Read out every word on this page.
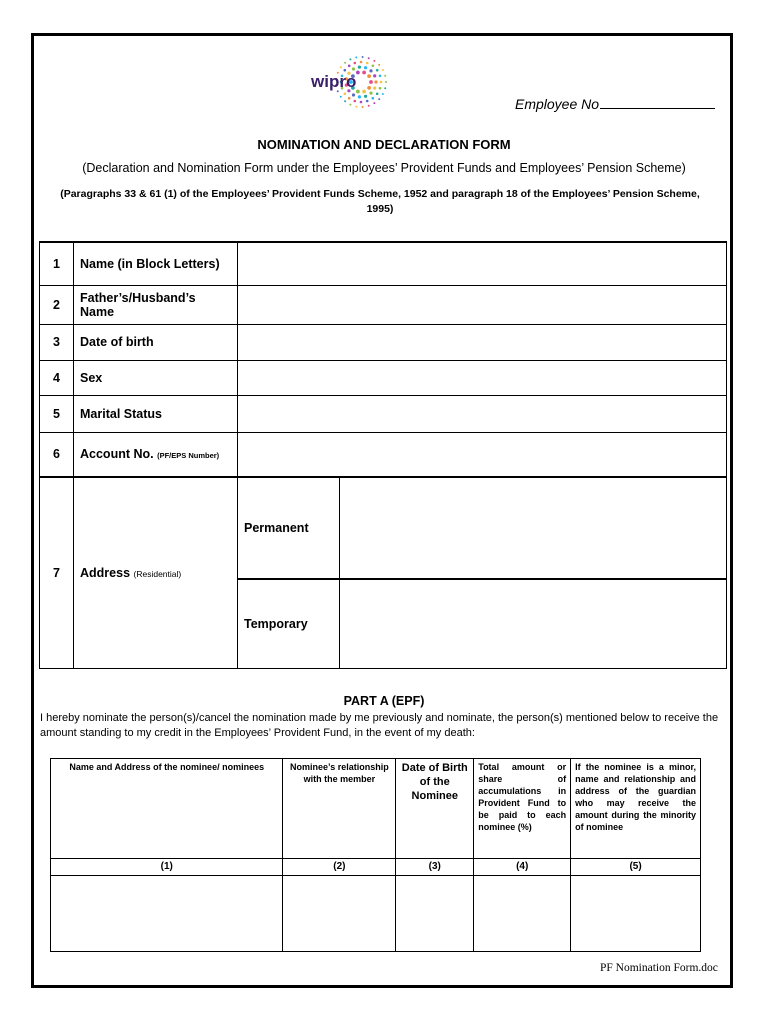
wipro
Employee No
NOMINATION AND DECLARATION FORM
(Declaration and Nomination Form under the Employees’ Provident Funds and Employees’ Pension Scheme)
(Paragraphs 33 & 61 (1) of the Employees’ Provident Funds Scheme, 1952 and paragraph 18 of the Employees’ Pension Scheme, 1995)
1	Name (in Block Letters)		
2	Father’s/Husband’s Name		
3	Date of birth		
4	Sex		
5	Marital Status		
6	Account No. (PF/EPS Number)		
7	Address (Residential)	Permanent	
		Temporary	
PART A (EPF)
I hereby nominate the person(s)/cancel the nomination made by me previously and nominate, the person(s) mentioned below to receive the amount standing to my credit in the Employees’ Provident Fund, in the event of my death:
Name and Address of the nominee/ nominees	Nominee’s relationship with the member	Date of Birth of the Nominee	Total amount or share of accumulations in Provident Fund to be paid to each nominee (%)	If the nominee is a minor, name and relationship and address of the guardian who may receive the amount during the minority of nominee
(1)	(2)	(3)	(4)	(5)

PF Nomination Form.doc
